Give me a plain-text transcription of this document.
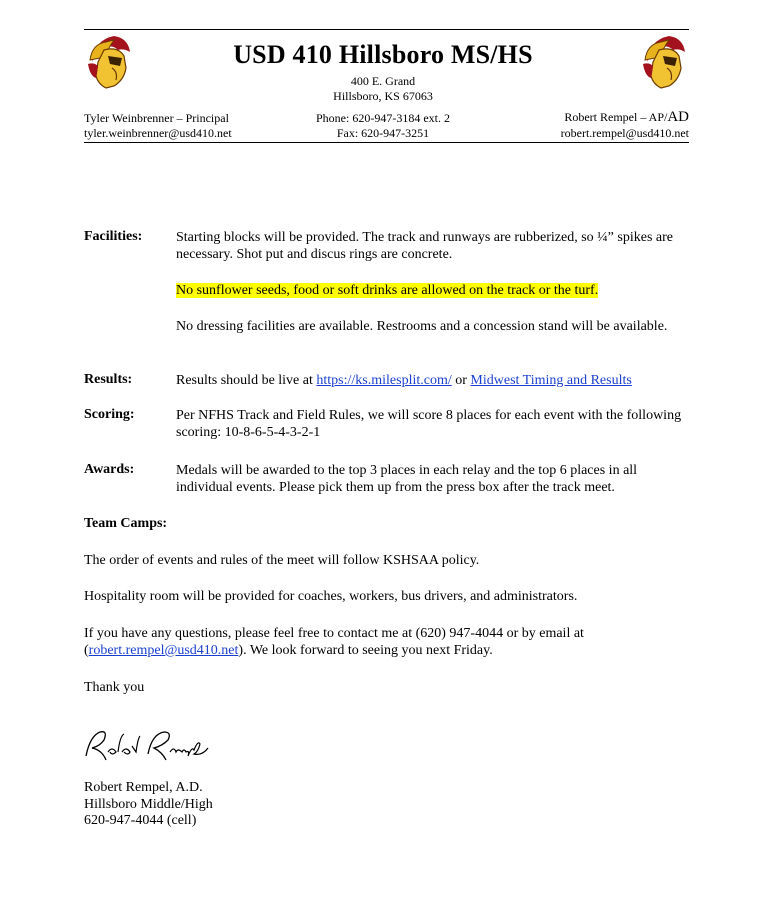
USD 410 Hillsboro MS/HS
400 E. Grand
Hillsboro, KS 67063
Tyler Weinbrenner – Principal
tyler.weinbrenner@usd410.net
Phone: 620-947-3184 ext. 2
Fax: 620-947-3251
Robert Rempel – AP/AD
robert.rempel@usd410.net
Facilities: Starting blocks will be provided. The track and runways are rubberized, so ¼” spikes are necessary. Shot put and discus rings are concrete.
No sunflower seeds, food or soft drinks are allowed on the track or the turf.
No dressing facilities are available. Restrooms and a concession stand will be available.
Results:	Results should be live at https://ks.milesplit.com/ or Midwest Timing and Results
Scoring:	Per NFHS Track and Field Rules, we will score 8 places for each event with the following scoring: 10-8-6-5-4-3-2-1
Awards:	Medals will be awarded to the top 3 places in each relay and the top 6 places in all individual events. Please pick them up from the press box after the track meet.
Team Camps:
The order of events and rules of the meet will follow KSHSAA policy.
Hospitality room will be provided for coaches, workers, bus drivers, and administrators.
If you have any questions, please feel free to contact me at (620) 947-4044 or by email at (robert.rempel@usd410.net). We look forward to seeing you next Friday.
Thank you
Robert Rempel, A.D.
Hillsboro Middle/High
620-947-4044 (cell)
